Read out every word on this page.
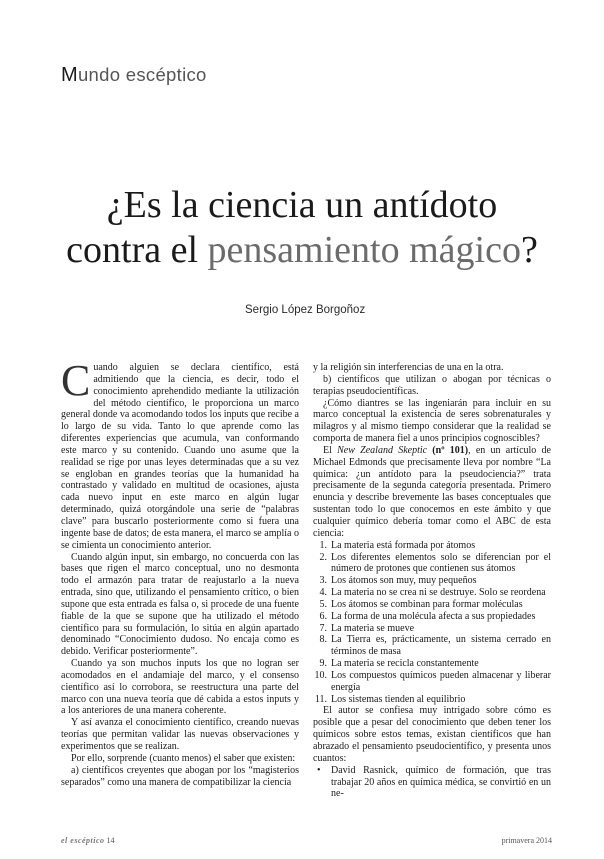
Mundo escéptico
¿Es la ciencia un antídoto
contra el pensamiento mágico?
Sergio López Borgoñoz

Cuando alguien se declara científico, está admitiendo que la ciencia, es decir, todo el conocimiento aprehendido mediante la utilización del método científico, le proporciona un marco general donde va acomodando todos los inputs que recibe a lo largo de su vida. Tanto lo que aprende como las diferentes experiencias que acumula, van conformando este marco y su contenido. Cuando uno asume que la realidad se rige por unas leyes determinadas que a su vez se engloban en grandes teorías que la humanidad ha contrastado y validado en multitud de ocasiones, ajusta cada nuevo input en este marco en algún lugar determinado, quizá otorgándole una serie de “palabras clave” para buscarlo posteriormente como si fuera una ingente base de datos; de esta manera, el marco se amplía o se cimienta un conocimiento anterior.

Cuando algún input, sin embargo, no concuerda con las bases que rigen el marco conceptual, uno no desmonta todo el armazón para tratar de reajustarlo a la nueva entrada, sino que, utilizando el pensamiento crítico, o bien supone que esta entrada es falsa o, si procede de una fuente fiable de la que se supone que ha utilizado el método científico para su formulación, lo sitúa en algún apartado denominado “Conocimiento dudoso. No encaja como es debido. Verificar posteriormente”.

Cuando ya son muchos inputs los que no logran ser acomodados en el andamiaje del marco, y el consenso científico así lo corrobora, se reestructura una parte del marco con una nueva teoría que dé cabida a estos inputs y a los anteriores de una manera coherente.

Y así avanza el conocimiento científico, creando nuevas teorías que permitan validar las nuevas observaciones y experimentos que se realizan.

Por ello, sorprende (cuanto menos) el saber que existen:

a) científicos creyentes que abogan por los “magisterios separados” como una manera de compatibilizar la ciencia

y la religión sin interferencias de una en la otra.

b) científicos que utilizan o abogan por técnicas o terapias pseudocientíficas.

¿Cómo diantres se las ingeniarán para incluir en su marco conceptual la existencia de seres sobrenaturales y milagros y al mismo tiempo considerar que la realidad se comporta de manera fiel a unos principios cognoscibles?

El New Zealand Skeptic (nº 101), en un artículo de Michael Edmonds que precisamente lleva por nombre “La química: ¿un antídoto para la pseudociencia?” trata precisamente de la segunda categoría presentada. Primero enuncia y describe brevemente las bases conceptuales que sustentan todo lo que conocemos en este ámbito y que cualquier químico debería tomar como el ABC de esta ciencia:

1. La materia está formada por átomos
2. Los diferentes elementos solo se diferencian por el número de protones que contienen sus átomos
3. Los átomos son muy, muy pequeños
4. La materia no se crea ni se destruye. Solo se reordena
5. Los átomos se combinan para formar moléculas
6. La forma de una molécula afecta a sus propiedades
7. La materia se mueve
8. La Tierra es, prácticamente, un sistema cerrado en términos de masa
9. La materia se recicla constantemente
10. Los compuestos químicos pueden almacenar y liberar energía
11. Los sistemas tienden al equilibrio

El autor se confiesa muy intrigado sobre cómo es posible que a pesar del conocimiento que deben tener los químicos sobre estos temas, existan científicos que han abrazado el pensamiento pseudocientífico, y presenta unos cuantos:

• David Rasnick, químico de formación, que tras trabajar 20 años en química médica, se convirtió en un ne-
el escéptico 14	primavera 2014
